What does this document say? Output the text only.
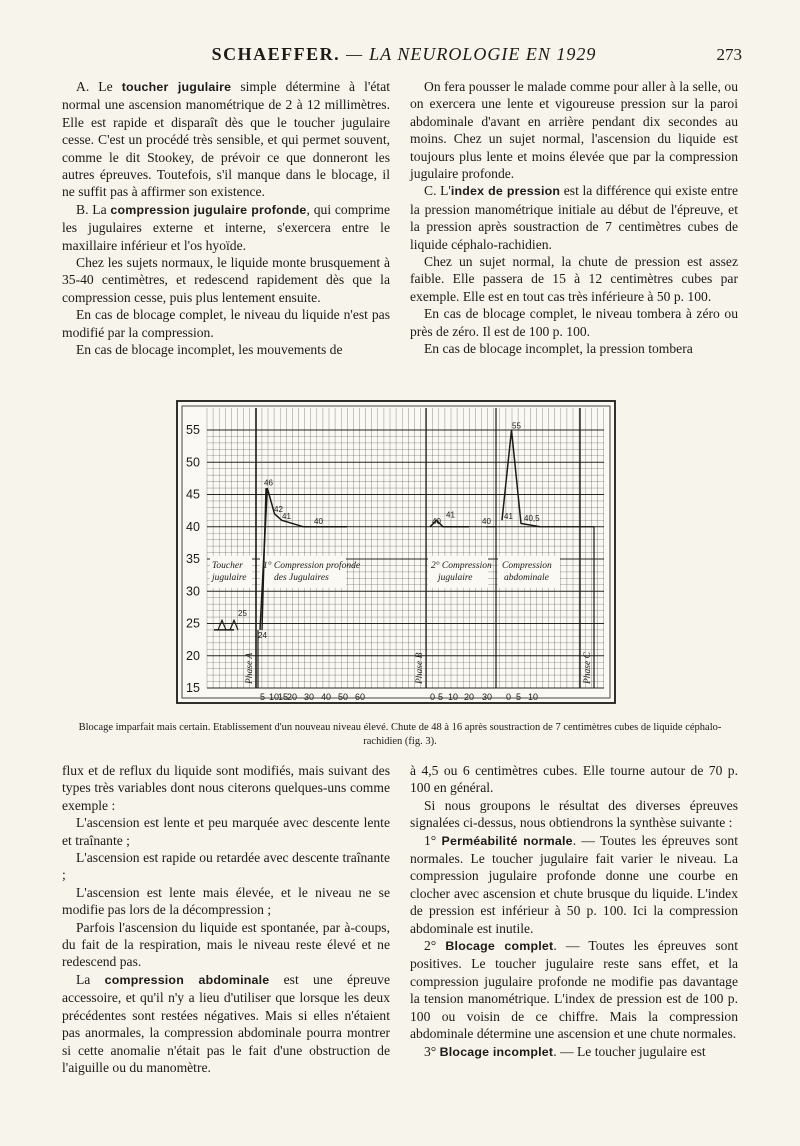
SCHAEFFER. — LA NEUROLOGIE EN 1929	273

A. Le toucher jugulaire simple détermine à l'état normal une ascension manométrique de 2 à 12 millimètres. Elle est rapide et disparaît dès que le toucher jugulaire cesse. C'est un procédé très sensible, et qui permet souvent, comme le dit Stookey, de prévoir ce que donneront les autres épreuves. Toutefois, s'il manque dans le blocage, il ne suffit pas à affirmer son existence.

B. La compression jugulaire profonde, qui comprime les jugulaires externe et interne, s'exercera entre le maxillaire inférieur et l'os hyoïde.

Chez les sujets normaux, le liquide monte brusquement à 35-40 centimètres, et redescend rapidement dès que la compression cesse, puis plus lentement ensuite.

En cas de blocage complet, le niveau du liquide n'est pas modifié par la compression.

En cas de blocage incomplet, les mouvements de

On fera pousser le malade comme pour aller à la selle, ou on exercera une lente et vigoureuse pression sur la paroi abdominale d'avant en arrière pendant dix secondes au moins. Chez un sujet normal, l'ascension du liquide est toujours plus lente et moins élevée que par la compression jugulaire profonde.

C. L'index de pression est la différence qui existe entre la pression manométrique initiale au début de l'épreuve, et la pression après soustraction de 7 centimètres cubes de liquide céphalo-rachidien.

Chez un sujet normal, la chute de pression est assez faible. Elle passera de 15 à 12 centimètres cubes par exemple. Elle est en tout cas très inférieure à 50 p. 100.

En cas de blocage complet, le niveau tombera à zéro ou près de zéro. Il est de 100 p. 100.

En cas de blocage incomplet, la pression tombera

55
50
45
40
35
30
25
20
15
25
24
46
42
41
40	40
41
40
41
55
40,5
Toucher
jugulaire
1° Compression profonde
des Jugulaires
2° Compression
jugulaire
Compression
abdominale
Phase A	Phase B	Phase C
5 10
15
20 30 40 50 60	0 5 10 20 30 0 5 10
Blocage imparfait mais certain. Etablissement d'un nouveau niveau élevé. Chute de 48 à 16 après soustraction de 7 centimètres cubes de liquide céphalo-rachidien (fig. 3).

flux et de reflux du liquide sont modifiés, mais suivant des types très variables dont nous citerons quelques-uns comme exemple :

L'ascension est lente et peu marquée avec descente lente et traînante ;

L'ascension est rapide ou retardée avec descente traînante ;

L'ascension est lente mais élevée, et le niveau ne se modifie pas lors de la décompression ;

Parfois l'ascension du liquide est spontanée, par à-coups, du fait de la respiration, mais le niveau reste élevé et ne redescend pas.

La compression abdominale est une épreuve accessoire, et qu'il n'y a lieu d'utiliser que lorsque les deux précédentes sont restées négatives. Mais si elles n'étaient pas anormales, la compression abdominale pourra montrer si cette anomalie n'était pas le fait d'une obstruction de l'aiguille ou du manomètre.

à 4,5 ou 6 centimètres cubes. Elle tourne autour de 70 p. 100 en général.

Si nous groupons le résultat des diverses épreuves signalées ci-dessus, nous obtiendrons la synthèse suivante :

1° Perméabilité normale. — Toutes les épreuves sont normales. Le toucher jugulaire fait varier le niveau. La compression jugulaire profonde donne une courbe en clocher avec ascension et chute brusque du liquide. L'index de pression est inférieur à 50 p. 100. Ici la compression abdominale est inutile.

2° Blocage complet. — Toutes les épreuves sont positives. Le toucher jugulaire reste sans effet, et la compression jugulaire profonde ne modifie pas davantage la tension manométrique. L'index de pression est de 100 p. 100 ou voisin de ce chiffre. Mais la compression abdominale détermine une ascension et une chute normales.

3° Blocage incomplet. — Le toucher jugulaire est
